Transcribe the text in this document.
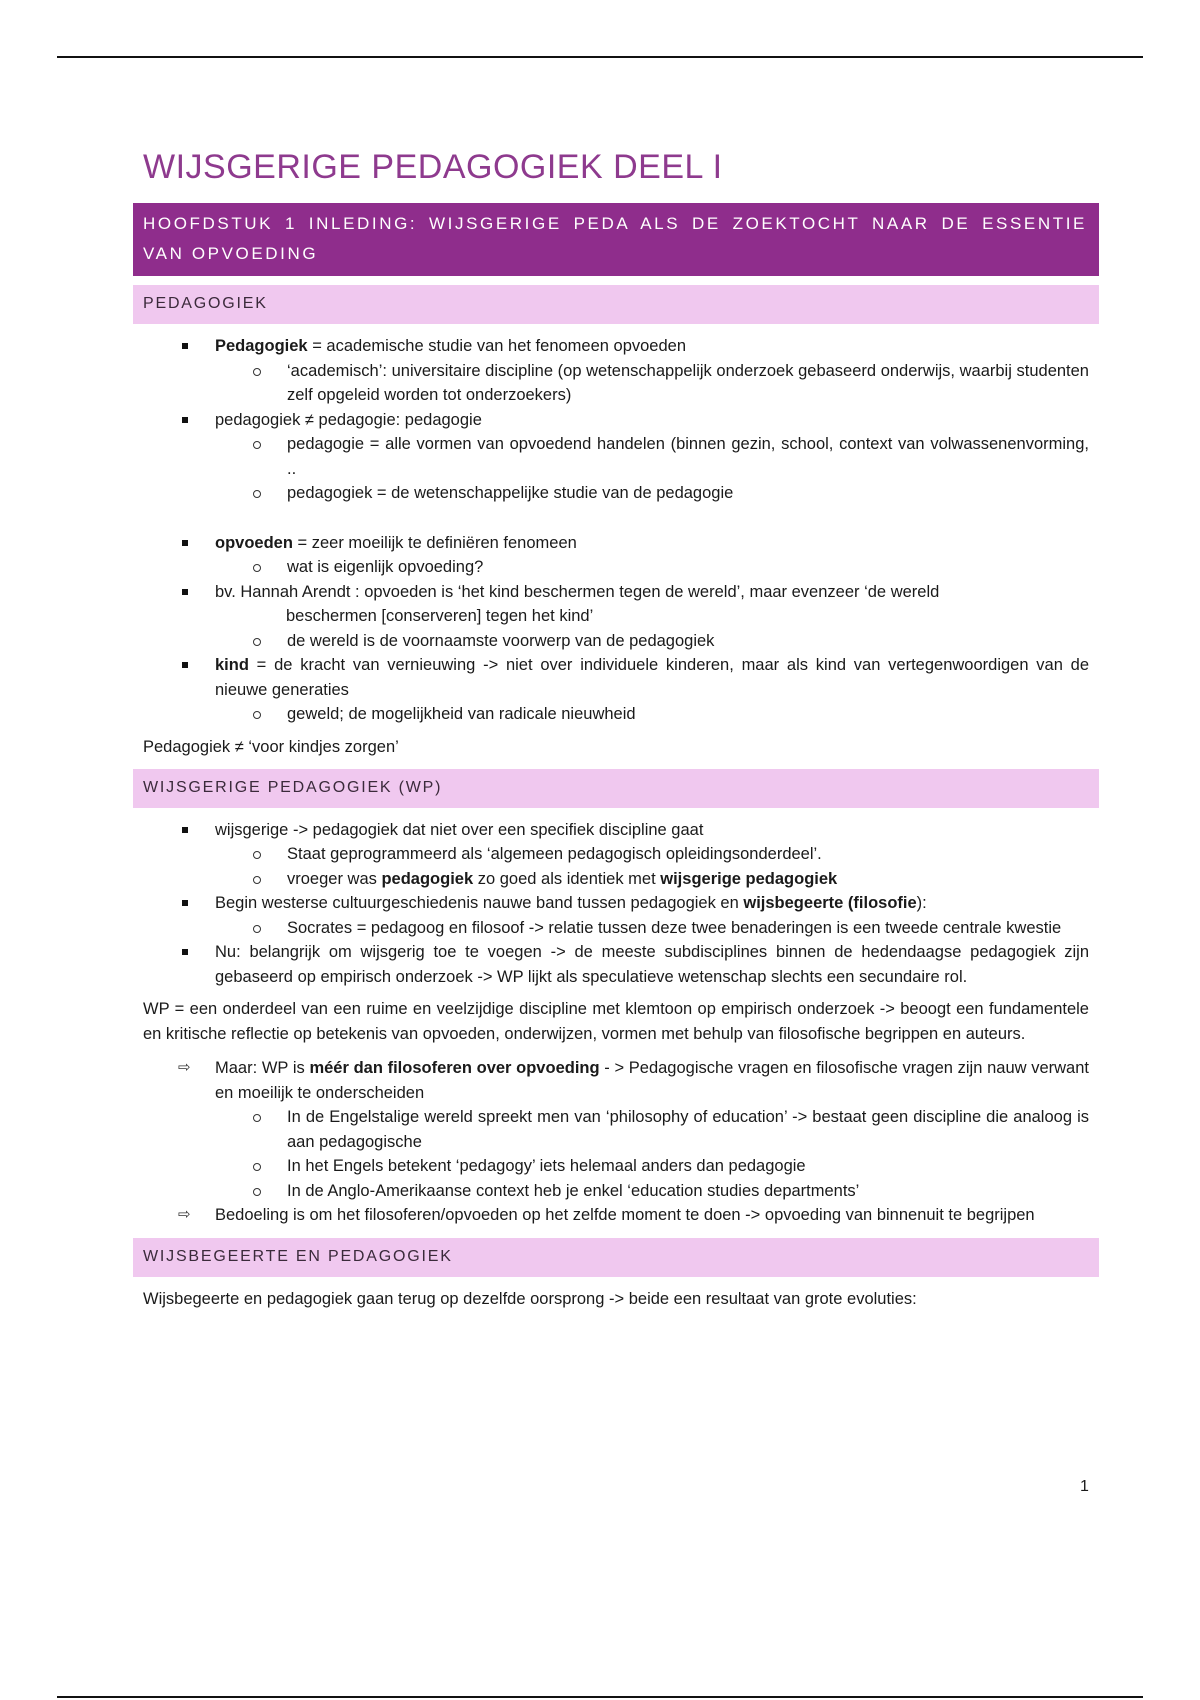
WIJSGERIGE PEDAGOGIEK DEEL I
HOOFDSTUK 1 INLEDING: WIJSGERIGE PEDA ALS DE ZOEKTOCHT NAAR DE ESSENTIE VAN OPVOEDING
PEDAGOGIEK
Pedagogiek = academische studie van het fenomeen opvoeden
‘academisch’: universitaire discipline (op wetenschappelijk onderzoek gebaseerd onderwijs, waarbij studenten zelf opgeleid worden tot onderzoekers)
pedagogiek ≠ pedagogie: pedagogie
pedagogie = alle vormen van opvoedend handelen (binnen gezin, school, context van volwassenenvorming, ..
pedagogiek = de wetenschappelijke studie van de pedagogie
opvoeden = zeer moeilijk te definiëren fenomeen
wat is eigenlijk opvoeding?
bv. Hannah Arendt : opvoeden is ‘het kind beschermen tegen de wereld’, maar evenzeer ‘de wereld
beschermen [conserveren] tegen het kind’
de wereld is de voornaamste voorwerp van de pedagogiek
kind = de kracht van vernieuwing -> niet over individuele kinderen, maar als kind van vertegenwoordigen van de nieuwe generaties
geweld; de mogelijkheid van radicale nieuwheid

Pedagogiek ≠ ‘voor kindjes zorgen’

WIJSGERIGE PEDAGOGIEK (WP)
wijsgerige -> pedagogiek dat niet over een specifiek discipline gaat
Staat geprogrammeerd als ‘algemeen pedagogisch opleidingsonderdeel’.
vroeger was pedagogiek zo goed als identiek met wijsgerige pedagogiek
Begin westerse cultuurgeschiedenis nauwe band tussen pedagogiek en wijsbegeerte (filosofie):
Socrates = pedagoog en filosoof -> relatie tussen deze twee benaderingen is een tweede centrale kwestie
Nu: belangrijk om wijsgerig toe te voegen -> de meeste subdisciplines binnen de hedendaagse pedagogiek zijn gebaseerd op empirisch onderzoek -> WP lijkt als speculatieve wetenschap slechts een secundaire rol.

WP = een onderdeel van een ruime en veelzijdige discipline met klemtoon op empirisch onderzoek -> beoogt een fundamentele en kritische reflectie op betekenis van opvoeden, onderwijzen, vormen met behulp van filosofische begrippen en auteurs.

⇨ Maar: WP is méér dan filosoferen over opvoeding - > Pedagogische vragen en filosofische vragen zijn nauw verwant en moeilijk te onderscheiden
In de Engelstalige wereld spreekt men van ‘philosophy of education’ -> bestaat geen discipline die analoog is aan pedagogische
In het Engels betekent ‘pedagogy’ iets helemaal anders dan pedagogie
In de Anglo-Amerikaanse context heb je enkel ‘education studies departments’
⇨ Bedoeling is om het filosoferen/opvoeden op het zelfde moment te doen -> opvoeding van binnenuit te begrijpen
WIJSBEGEERTE EN PEDAGOGIEK

Wijsbegeerte en pedagogiek gaan terug op dezelfde oorsprong -> beide een resultaat van grote evoluties:

1
